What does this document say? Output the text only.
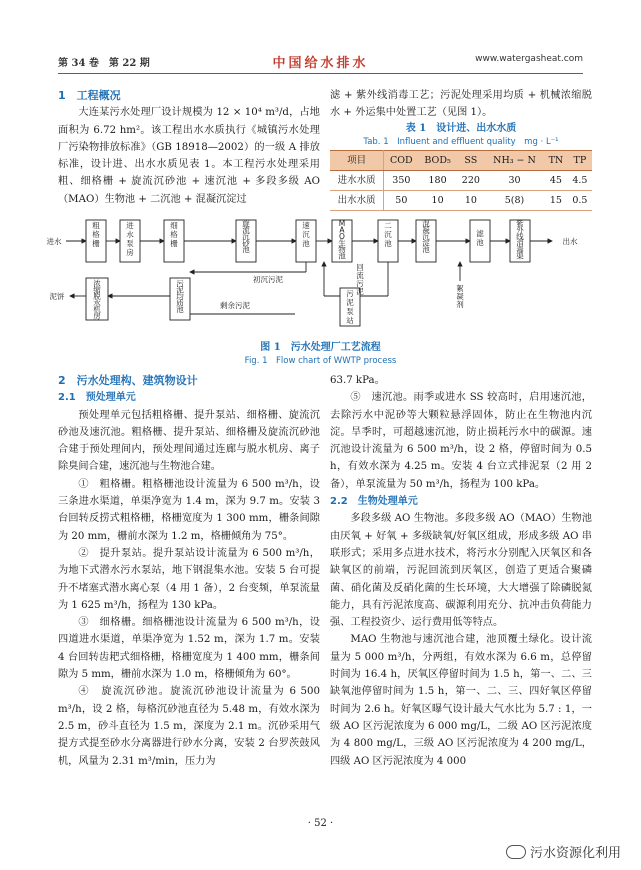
第 34 卷　第 22 期	中国给水排水	www.watergasheat.com

1　工程概况

大连某污水处理厂设计规模为 12 × 10⁴ m³/d，占地面积为 6.72 hm²。该工程出水水质执行《城镇污水处理厂污染物排放标准》（GB 18918—2002）的一级 A 排放标准，设计进、出水水质见表 1。本工程污水处理采用粗、细格栅 + 旋流沉砂池 + 速沉池 + 多段多级 AO（MAO）生物池 + 二沉池 + 混凝沉淀过

滤 + 紫外线消毒工艺；污泥处理采用均质 + 机械浓缩脱水 + 外运集中处置工艺（见图 1）。

表 1　设计进、出水水质
Tab. 1　Influent and effluent quality　mg · L⁻¹
项目	COD	BOD₅	SS	NH₃ − N	TN	TP
进水水质	350	180	220	30	45	4.5
出水水质	50	10	10	5(8)	15	0.5
进水	出水
泥饼
初沉污泥
剩余污泥
粗格栅
进水泵房
细格栅
旋流沉砂池
速沉池
M A O 生物池
二沉池
混凝沉淀池
滤池
紫外线消毒渠
浓缩脱水机房
污泥均质池
污泥泵站
回流污泥	絮凝剂
图 1　污水处理厂工艺流程
Fig. 1　Flow chart of WWTP process

2　污水处理构、建筑物设计

2.1　预处理单元

预处理单元包括粗格栅、提升泵站、细格栅、旋流沉砂池及速沉池。粗格栅、提升泵站、细格栅及旋流沉砂池合建于预处理间内，预处理间通过连廊与脱水机房、离子除臭间合建，速沉池与生物池合建。

①　粗格栅。粗格栅池设计流量为 6 500 m³/h，设三条进水渠道，单渠净宽为 1.4 m，深为 9.7 m。安装 3 台回转反捞式粗格栅，格栅宽度为 1 300 mm，栅条间隙为 20 mm，栅前水深为 1.2 m，格栅倾角为 75°。

②　提升泵站。提升泵站设计流量为 6 500 m³/h，为地下式潜水污水泵站，地下钢混集水池。安装 5 台可提升不堵塞式潜水离心泵（4 用 1 备），2 台变频，单泵流量为 1 625 m³/h，扬程为 130 kPa。

③　细格栅。细格栅池设计流量为 6 500 m³/h，设四道进水渠道，单渠净宽为 1.52 m，深为 1.7 m。安装 4 台回转齿耙式细格栅，格栅宽度为 1 400 mm，栅条间隙为 5 mm，栅前水深为 1.0 m，格栅倾角为 60°。

④　旋流沉砂池。旋流沉砂池设计流量为 6 500 m³/h，设 2 格，每格沉砂池直径为 5.48 m，有效水深为 2.5 m，砂斗直径为 1.5 m，深度为 2.1 m。沉砂采用气提方式提至砂水分离器进行砂水分离，安装 2 台罗茨鼓风机，风量为 2.31 m³/min，压力为

63.7 kPa。

⑤　速沉池。雨季或进水 SS 较高时，启用速沉池，去除污水中泥砂等大颗粒悬浮固体，防止在生物池内沉淀。旱季时，可超越速沉池，防止损耗污水中的碳源。速沉池设计流量为 6 500 m³/h，设 2 格，停留时间为 0.5 h，有效水深为 4.25 m。安装 4 台立式排泥泵（2 用 2 备），单泵流量为 50 m³/h，扬程为 100 kPa。

2.2　生物处理单元

多段多级 AO 生物池。多段多级 AO（MAO）生物池由厌氧 + 好氧 + 多级缺氧/好氧区组成，形成多级 AO 串联形式；采用多点进水技术，将污水分别配入厌氧区和各缺氧区的前端，污泥回流到厌氧区，创造了更适合聚磷菌、硝化菌及反硝化菌的生长环境，大大增强了除磷脱氮能力，具有污泥浓度高、碳源利用充分、抗冲击负荷能力强、工程投资少、运行费用低等特点。

MAO 生物池与速沉池合建，池顶覆土绿化。设计流量为 5 000 m³/h，分两组，有效水深为 6.6 m，总停留时间为 16.4 h，厌氧区停留时间为 1.5 h，第一、二、三缺氧池停留时间为 1.5 h，第一、二、三、四好氧区停留时间为 2.6 h。好氧区曝气设计最大气水比为 5.7 : 1，一级 AO 区污泥浓度为 6 000 mg/L，二级 AO 区污泥浓度为 4 800 mg/L，三级 AO 区污泥浓度为 4 200 mg/L，四级 AO 区污泥浓度为 4 000

· 52 ·
污水资源化利用
